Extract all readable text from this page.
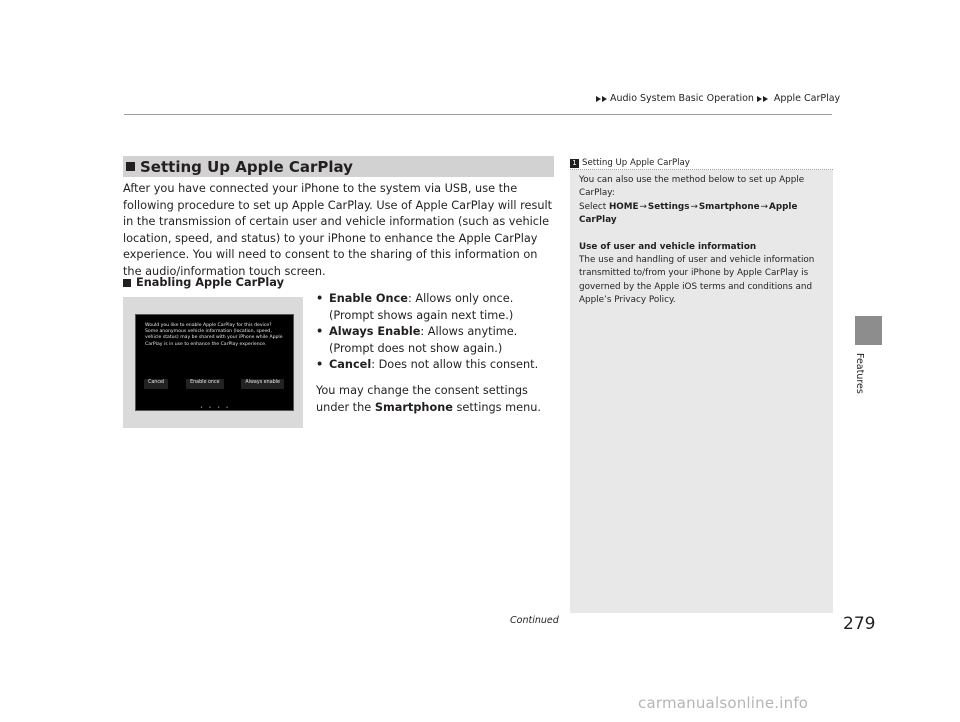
Audio System Basic Operation Apple CarPlay
Features
Setting Up Apple CarPlay
After you have connected your iPhone to the system via USB, use the following procedure to set up Apple CarPlay. Use of Apple CarPlay will result in the transmission of certain user and vehicle information (such as vehicle location, speed, and status) to your iPhone to enhance the Apple CarPlay experience. You will need to consent to the sharing of this information on the audio/information touch screen.
Enabling Apple CarPlay
Would you like to enable Apple CarPlay for this device? Some anonymous vehicle information (location, speed, vehicle status) may be shared with your iPhone while Apple CarPlay is in use to enhance the CarPlay experience.
Cancel	Enable once	Always enable
• • • •
• Enable Once: Allows only once. (Prompt shows again next time.)
• Always Enable: Allows anytime. (Prompt does not show again.)
• Cancel: Does not allow this consent.
You may change the consent settings under the Smartphone settings menu.
1 Setting Up Apple CarPlay
You can also use the method below to set up Apple CarPlay:
Select HOME→Settings→Smartphone→Apple CarPlay
Use of user and vehicle information
The use and handling of user and vehicle information transmitted to/from your iPhone by Apple CarPlay is governed by the Apple iOS terms and conditions and Apple’s Privacy Policy.
Continued	279
carmanualsonline.info
